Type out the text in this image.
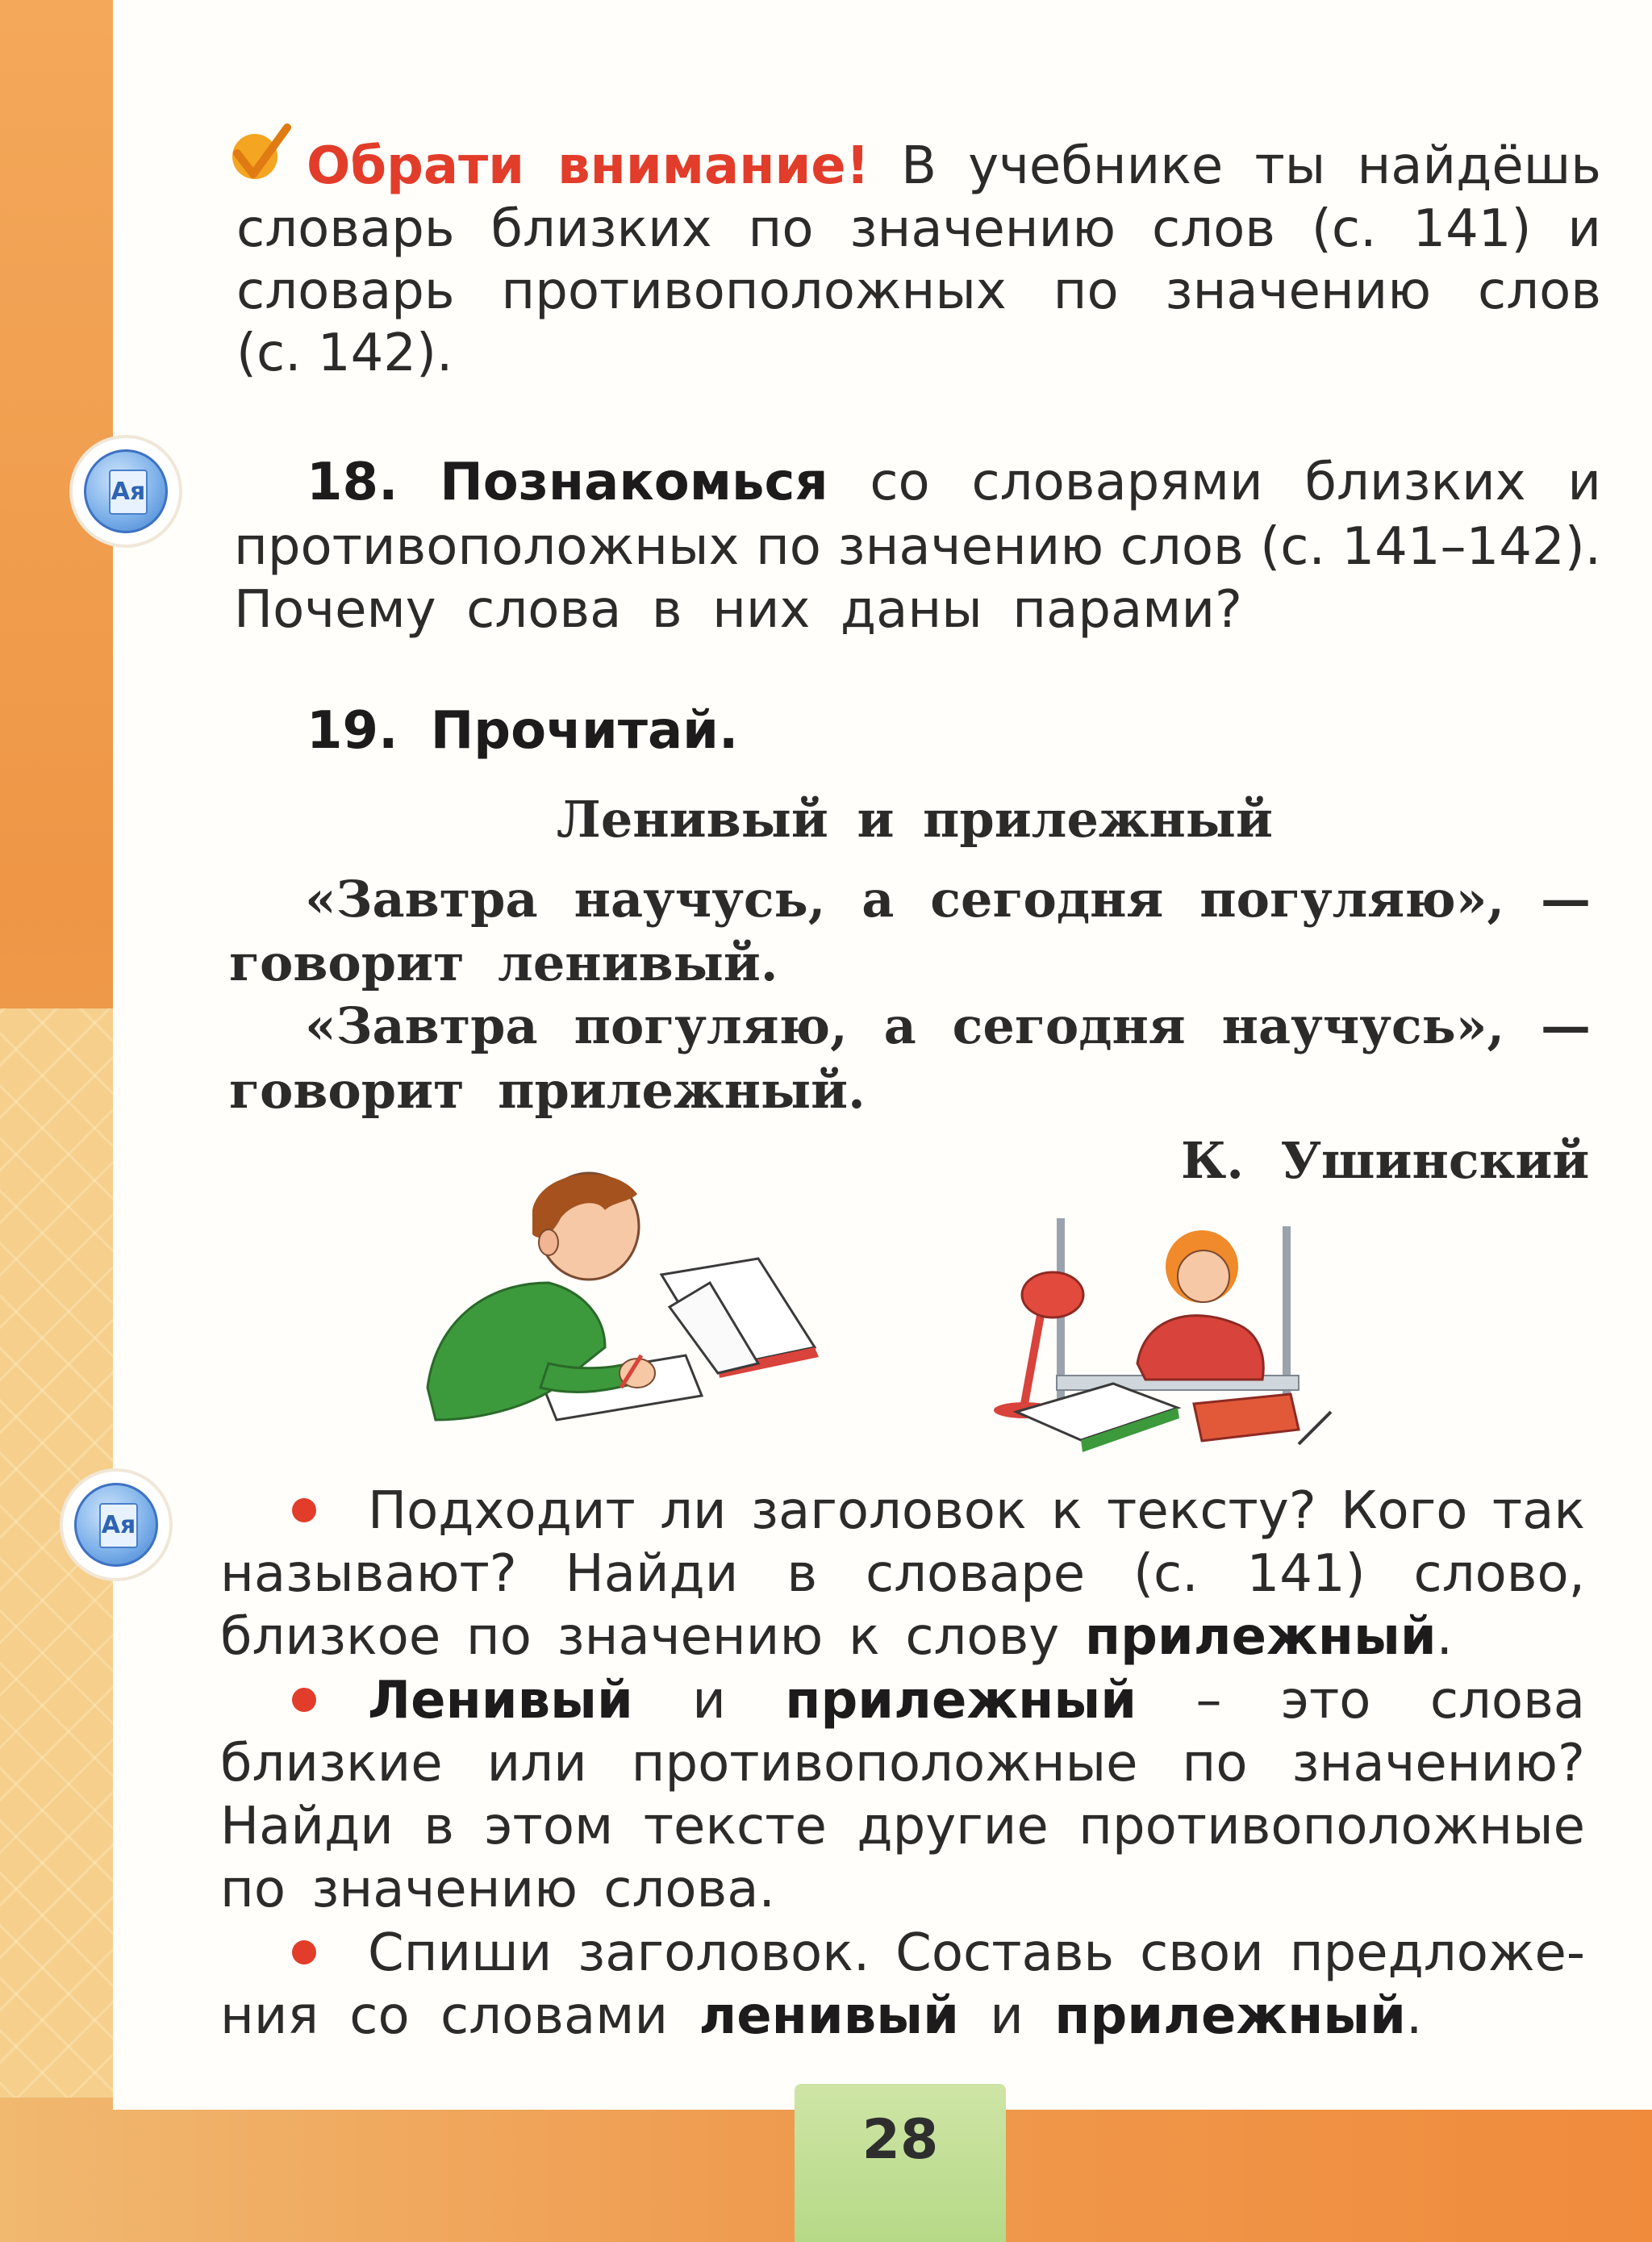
Обрати внимание! В учебнике ты найдёшь
словарь близких по значению слов (с. 141) и
словарь противоположных по значению слов
(с. 142).
Aя	18. Познакомься со словарями близких и
противоположных по значению слов (с. 141–142).
Почему слова в них даны парами?
19. Прочитай.
Ленивый и прилежный
«Завтра научусь, а сегодня погуляю», —
говорит ленивый.
«Завтра погуляю, а сегодня научусь», —
говорит прилежный.
К. Ушинский
Aя	Подходит ли заголовок к тексту? Кого так
называют? Найди в словаре (с. 141) слово,
близкое по значению к слову прилежный.
Ленивый и прилежный – это слова
близкие или противоположные по значению?
Найди в этом тексте другие противоположные
по значению слова.
Спиши заголовок. Составь свои предложе-
ния со словами ленивый и прилежный.
28
